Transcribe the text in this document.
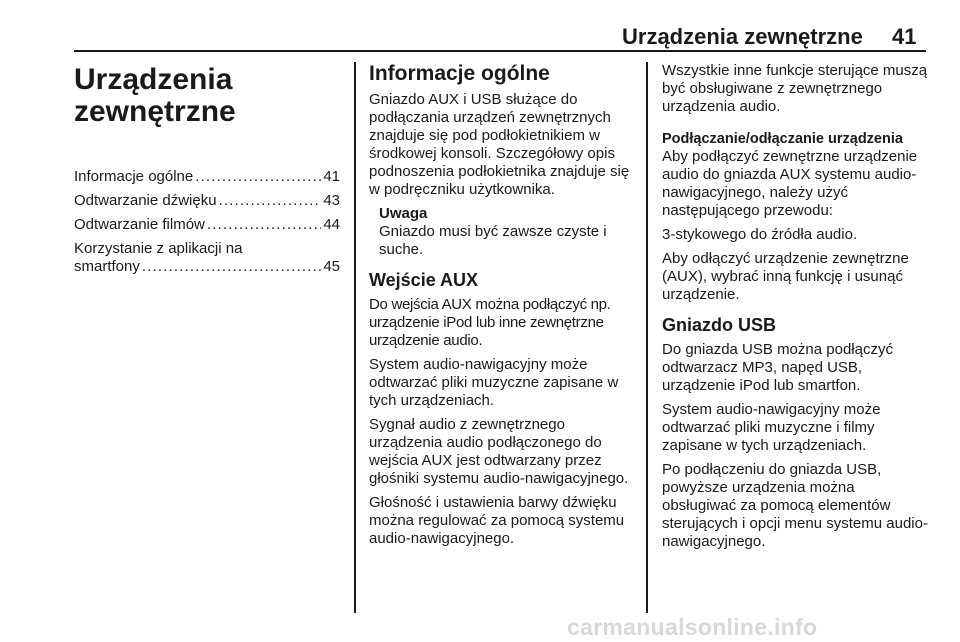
Urządzenia zewnętrzne 41
Urządzenia
zewnętrzne
Informacje ogólne . . .	41
Odtwarzanie dźwięku . . .	43
Odtwarzanie filmów . . .	44
Korzystanie z aplikacji na
smartfony . . .	45
Informacje ogólne
Gniazdo AUX i USB służące do podłączania urządzeń zewnętrznych znajduje się pod podłokietnikiem w środkowej konsoli. Szczegółowy opis podnoszenia podłokietnika znajduje się w podręczniku użytkownika.
Uwaga
Gniazdo musi być zawsze czyste i suche.
Wejście AUX
Do wejścia AUX można podłączyć np. urządzenie iPod lub inne zewnętrzne urządzenie audio.
System audio-nawigacyjny może odtwarzać pliki muzyczne zapisane w tych urządzeniach.
Sygnał audio z zewnętrznego urządzenia audio podłączonego do wejścia AUX jest odtwarzany przez głośniki systemu audio-nawigacyjnego.
Głośność i ustawienia barwy dźwięku można regulować za pomocą systemu audio-nawigacyjnego.
Wszystkie inne funkcje sterujące muszą być obsługiwane z zewnętrznego urządzenia audio.
Podłączanie/odłączanie urządzenia
Aby podłączyć zewnętrzne urządzenie audio do gniazda AUX systemu audio-nawigacyjnego, należy użyć następującego przewodu:
3-stykowego do źródła audio.
Aby odłączyć urządzenie zewnętrzne (AUX), wybrać inną funkcję i usunąć urządzenie.
Gniazdo USB
Do gniazda USB można podłączyć odtwarzacz MP3, napęd USB, urządzenie iPod lub smartfon.
System audio-nawigacyjny może odtwarzać pliki muzyczne i filmy zapisane w tych urządzeniach.
Po podłączeniu do gniazda USB, powyższe urządzenia można obsługiwać za pomocą elementów sterujących i opcji menu systemu audio-nawigacyjnego.
carmanualsonline.info
